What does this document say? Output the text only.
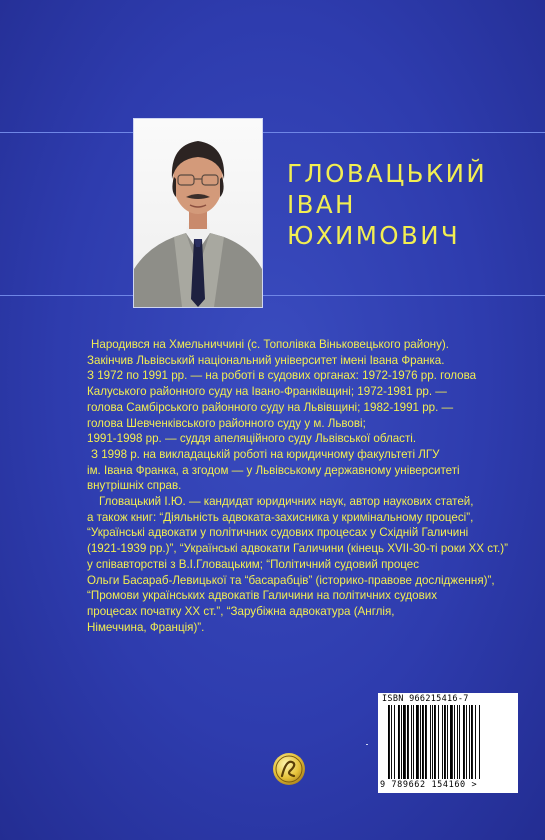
ГЛОВАЦЬКИЙ
ІВАН
ЮХИМОВИЧ
Народився на Хмельниччині (с. Тополівка Віньковецького району).
Закінчив Львівський національний університет імені Івана Франка.
З 1972 по 1991 рр. — на роботі в судових органах: 1972-1976 рр. голова
Калуського районного суду на Івано-Франківщині; 1972-1981 рр. —
голова Самбірського районного суду на Львівщині; 1982-1991 рр. —
голова Шевченківського районного суду у м. Львові;
1991-1998 рр. — суддя апеляційного суду Львівської області.
З 1998 р. на викладацькій роботі на юридичному факультеті ЛГУ
ім. Івана Франка, а згодом — у Львівському державному університеті
внутрішніх справ.
Гловацький І.Ю. — кандидат юридичних наук, автор наукових статей,
а також книг: “Діяльність адвоката-захисника у кримінальному процесі”,
“Українські адвокати у політичних судових процесах у Східній Галичині
(1921-1939 рр.)”, “Українські адвокати Галичини (кінець XVII-30-ті роки XX ст.)”
у співавторстві з В.І.Гловацьким; “Політичний судовий процес
Ольги Басараб-Левицької та “басарабців” (історико-правове дослідження)”,
“Промови українських адвокатів Галичини на політичних судових
процесах початку XX ст.”, “Зарубіжна адвокатура (Англія,
Німеччина, Франція)”.
ISBN 966215416-7
9 789662 154160 >
